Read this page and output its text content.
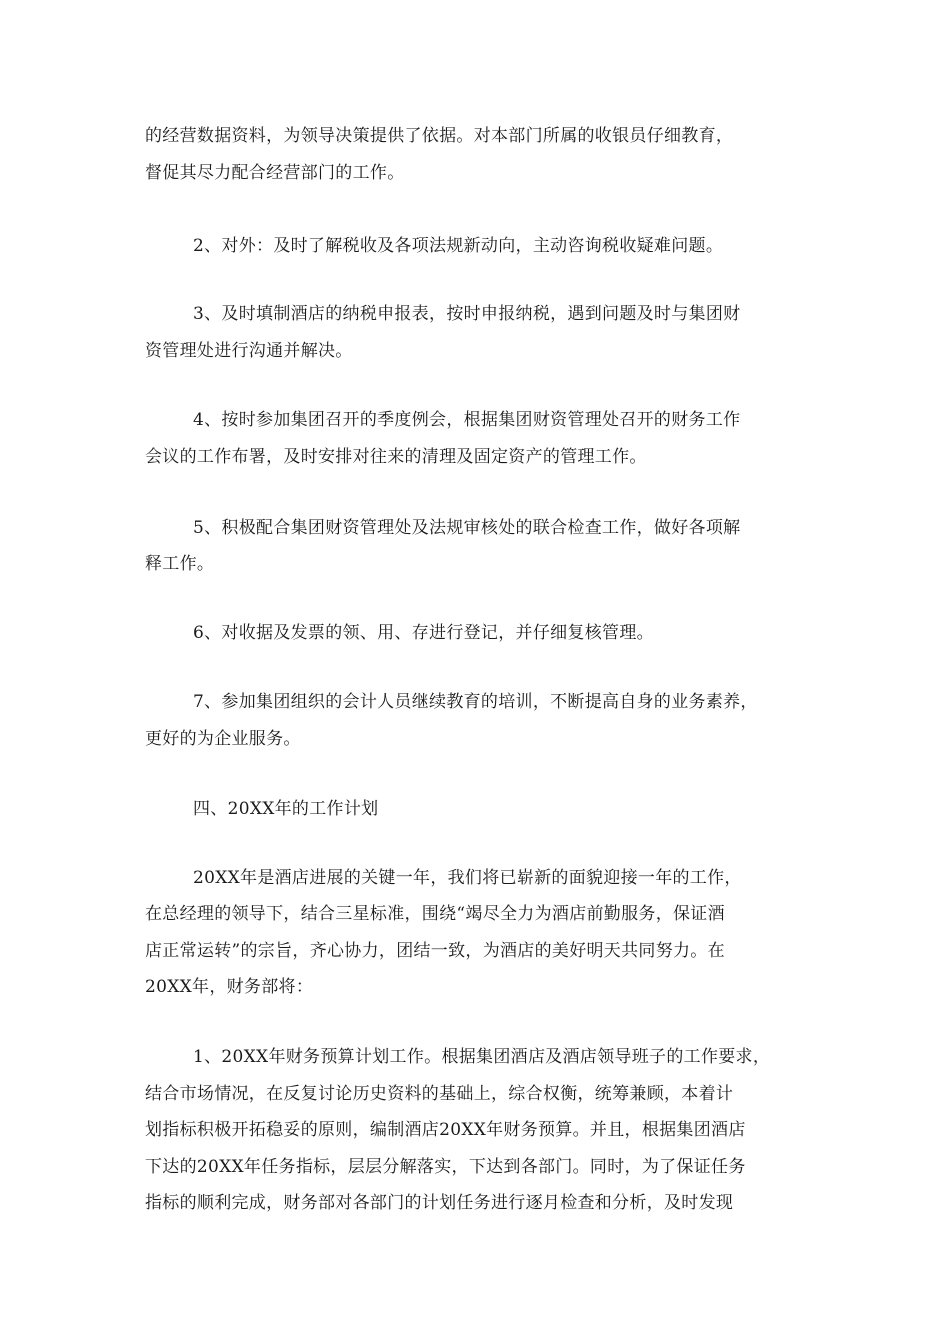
的经营数据资料，为领导决策提供了依据。对本部门所属的收银员仔细教育，
督促其尽力配合经营部门的工作。
2、对外：及时了解税收及各项法规新动向，主动咨询税收疑难问题。
3、及时填制酒店的纳税申报表，按时申报纳税，遇到问题及时与集团财
资管理处进行沟通并解决。
4、按时参加集团召开的季度例会，根据集团财资管理处召开的财务工作
会议的工作布署，及时安排对往来的清理及固定资产的管理工作。
5、积极配合集团财资管理处及法规审核处的联合检查工作，做好各项解
释工作。
6、对收据及发票的领、用、存进行登记，并仔细复核管理。
7、参加集团组织的会计人员继续教育的培训，不断提高自身的业务素养，
更好的为企业服务。
四、20XX年的工作计划
20XX年是酒店进展的关键一年，我们将已崭新的面貌迎接一年的工作，
在总经理的领导下，结合三星标准，围绕“竭尽全力为酒店前勤服务，保证酒
店正常运转”的宗旨，齐心协力，团结一致，为酒店的美好明天共同努力。在
20XX年，财务部将：
1、20XX年财务预算计划工作。根据集团酒店及酒店领导班子的工作要求，
结合市场情况，在反复讨论历史资料的基础上，综合权衡，统筹兼顾，本着计
划指标积极开拓稳妥的原则，编制酒店20XX年财务预算。并且，根据集团酒店
下达的20XX年任务指标，层层分解落实，下达到各部门。同时，为了保证任务
指标的顺利完成，财务部对各部门的计划任务进行逐月检查和分析，及时发现
